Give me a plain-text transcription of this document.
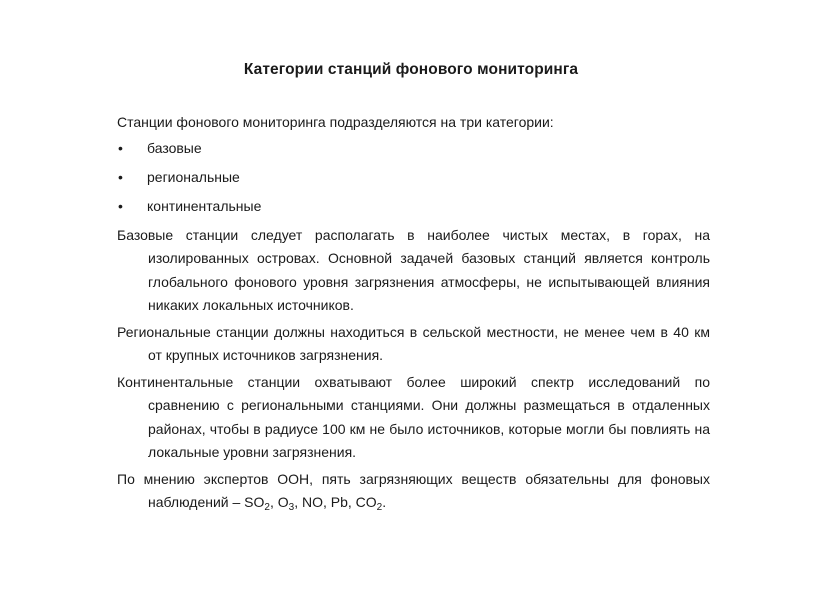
Категории станций фонового мониторинга

Станции фонового мониторинга подразделяются на три категории:

• базовые
• региональные
• континентальные

Базовые станции следует располагать в наиболее чистых местах, в горах, на изолированных островах. Основной задачей базовых станций является контроль глобального фонового уровня загрязнения атмосферы, не испытывающей влияния никаких локальных источников.

Региональные станции должны находиться в сельской местности, не менее чем в 40 км от крупных источников загрязнения.

Континентальные станции охватывают более широкий спектр исследований по сравнению с региональными станциями. Они должны размещаться в отдаленных районах, чтобы в радиусе 100 км не было источников, которые могли бы повлиять на локальные уровни загрязнения.

По мнению экспертов ООН, пять загрязняющих веществ обязательны для фоновых наблюдений – $SO_2$, $O_3$, NO, Pb, $CO_2$.
